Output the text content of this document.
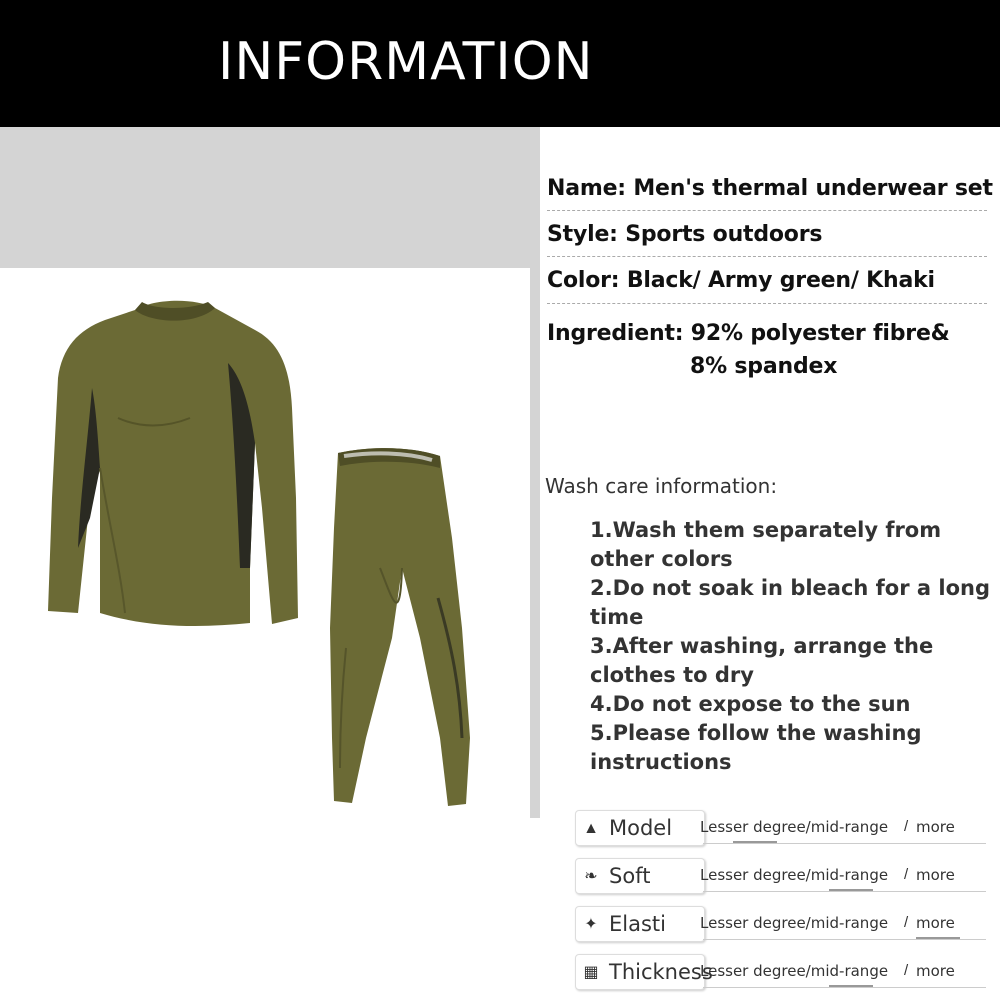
INFORMATION
Name: Men's thermal underwear set
Style: Sports outdoors
Color: Black/ Army green/ Khaki
Ingredient: 92% polyester fibre&
8% spandex
Wash care information:
1.Wash them separately from other colors
2.Do not soak in bleach for a long time
3.After washing, arrange the clothes to dry
4.Do not expose to the sun
5.Please follow the washing instructions
▲ Model Lesser degree/mid-range / more
❧ Soft	Lesser degree/mid-range / more
✦ Elasti Lesser degree/mid-range / more
▦ Thickness
Lesser degree/mid-range / more
